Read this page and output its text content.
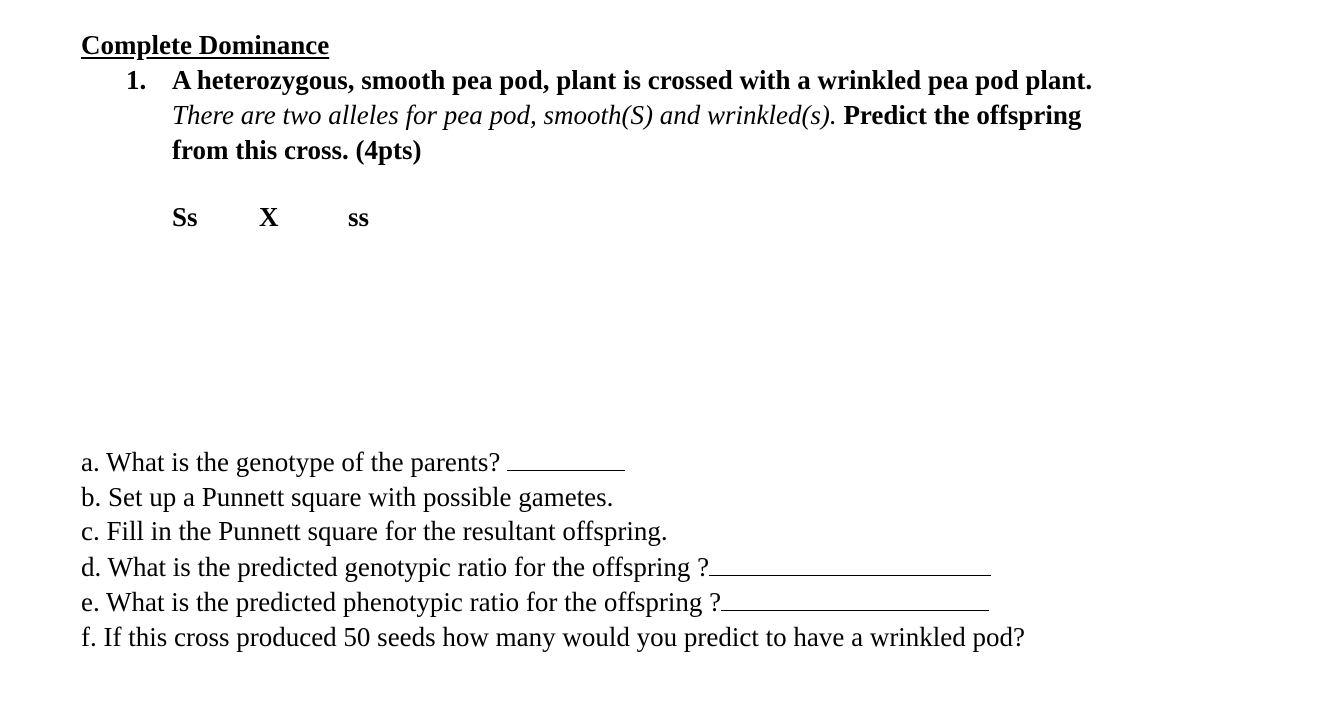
Complete Dominance
1. A heterozygous, smooth pea pod, plant is crossed with a wrinkled pea pod plant.
There are two alleles for pea pod, smooth(S) and wrinkled(s). Predict the offspring
from this cross. (4pts)
Ss X	ss
a. What is the genotype of the parents?
b. Set up a Punnett square with possible gametes.
c. Fill in the Punnett square for the resultant offspring.
d. What is the predicted genotypic ratio for the offspring ?
e. What is the predicted phenotypic ratio for the offspring ?
f. If this cross produced 50 seeds how many would you predict to have a wrinkled pod?
